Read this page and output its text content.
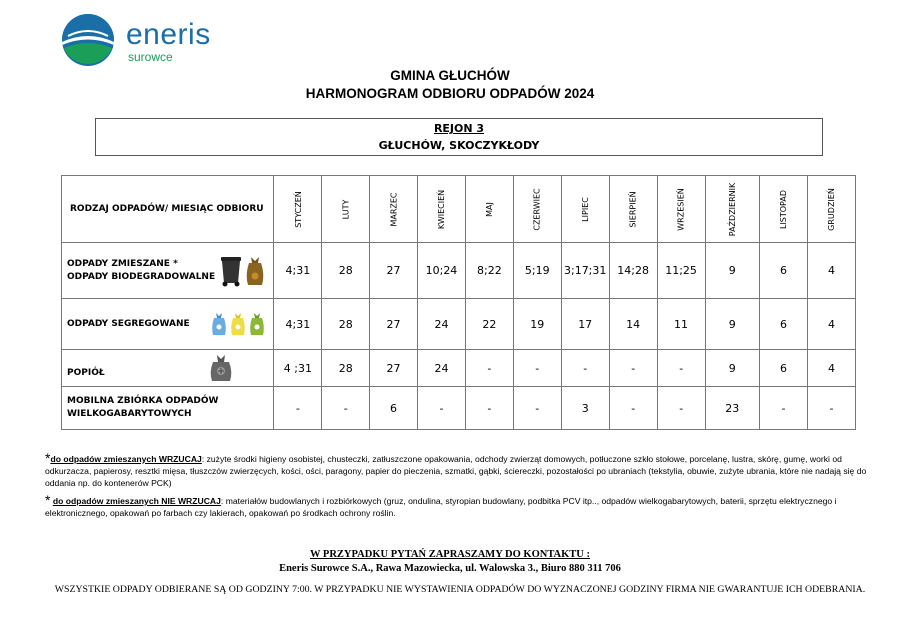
eneris
surowce
GMINA GŁUCHÓW
HARMONOGRAM ODBIORU ODPADÓW 2024
REJON 3
GŁUCHÓW, SKOCZYKŁODY
RODZAJ ODPADÓW/ MIESIĄC ODBIORU	STYCZEŃ	LUTY	MARZEC	KWIECIEŃ	MAJ	CZERWIEC	LIPIEC	SIERPIEŃ	WRZESIEŃ	PAŹDZIERNIK	LISTOPAD	GRUDZIEŃ

ODPADY ZMIESZANE *
ODPADY BIODEGRADOWALNE	4;31	28	27	10;24	8;22	5;19	3;17;31	14;28	11;25	9	6	4

ODPADY SEGREGOWANE	4;31	28	27	24	22	19	17	14	11	9	6	4

POPIÓŁ	4 ;31	28	27	24	-	-	-	-	-	9	6	4

MOBILNA ZBIÓRKA ODPADÓW
WIELKOGABARYTOWYCH	-	-	6	-	-	-	3	-	-	23	-	-
*do odpadów zmieszanych WRZUCAJ: zużyte środki higieny osobistej, chusteczki, zatłuszczone opakowania, odchody zwierząt domowych, potłuczone szkło stołowe, porcelanę, lustra, skórę, gumę, worki od odkurzacza, papierosy, resztki mięsa, tłuszczów zwierzęcych, kości, ości, paragony, papier do pieczenia, szmatki, gąbki, ściereczki, pozostałości po ubraniach (tekstylia, obuwie, zużyte ubrania, które nie nadają się do oddania np. do kontenerów PCK)
* do odpadów zmieszanych NIE WRZUCAJ: materiałów budowlanych i rozbiórkowych (gruz, ondulina, styropian budowlany, podbitka PCV itp.., odpadów wielkogabarytowych, baterii, sprzętu elektrycznego i elektronicznego, opakowań po farbach czy lakierach, opakowań po środkach ochrony roślin.
W PRZYPADKU PYTAŃ ZAPRASZAMY DO KONTAKTU :
Eneris Surowce S.A., Rawa Mazowiecka, ul. Walowska 3., Biuro 880 311 706
WSZYSTKIE ODPADY ODBIERANE SĄ OD GODZINY 7:00. W PRZYPADKU NIE WYSTAWIENIA ODPADÓW DO WYZNACZONEJ GODZINY FIRMA NIE GWARANTUJE ICH ODEBRANIA.
